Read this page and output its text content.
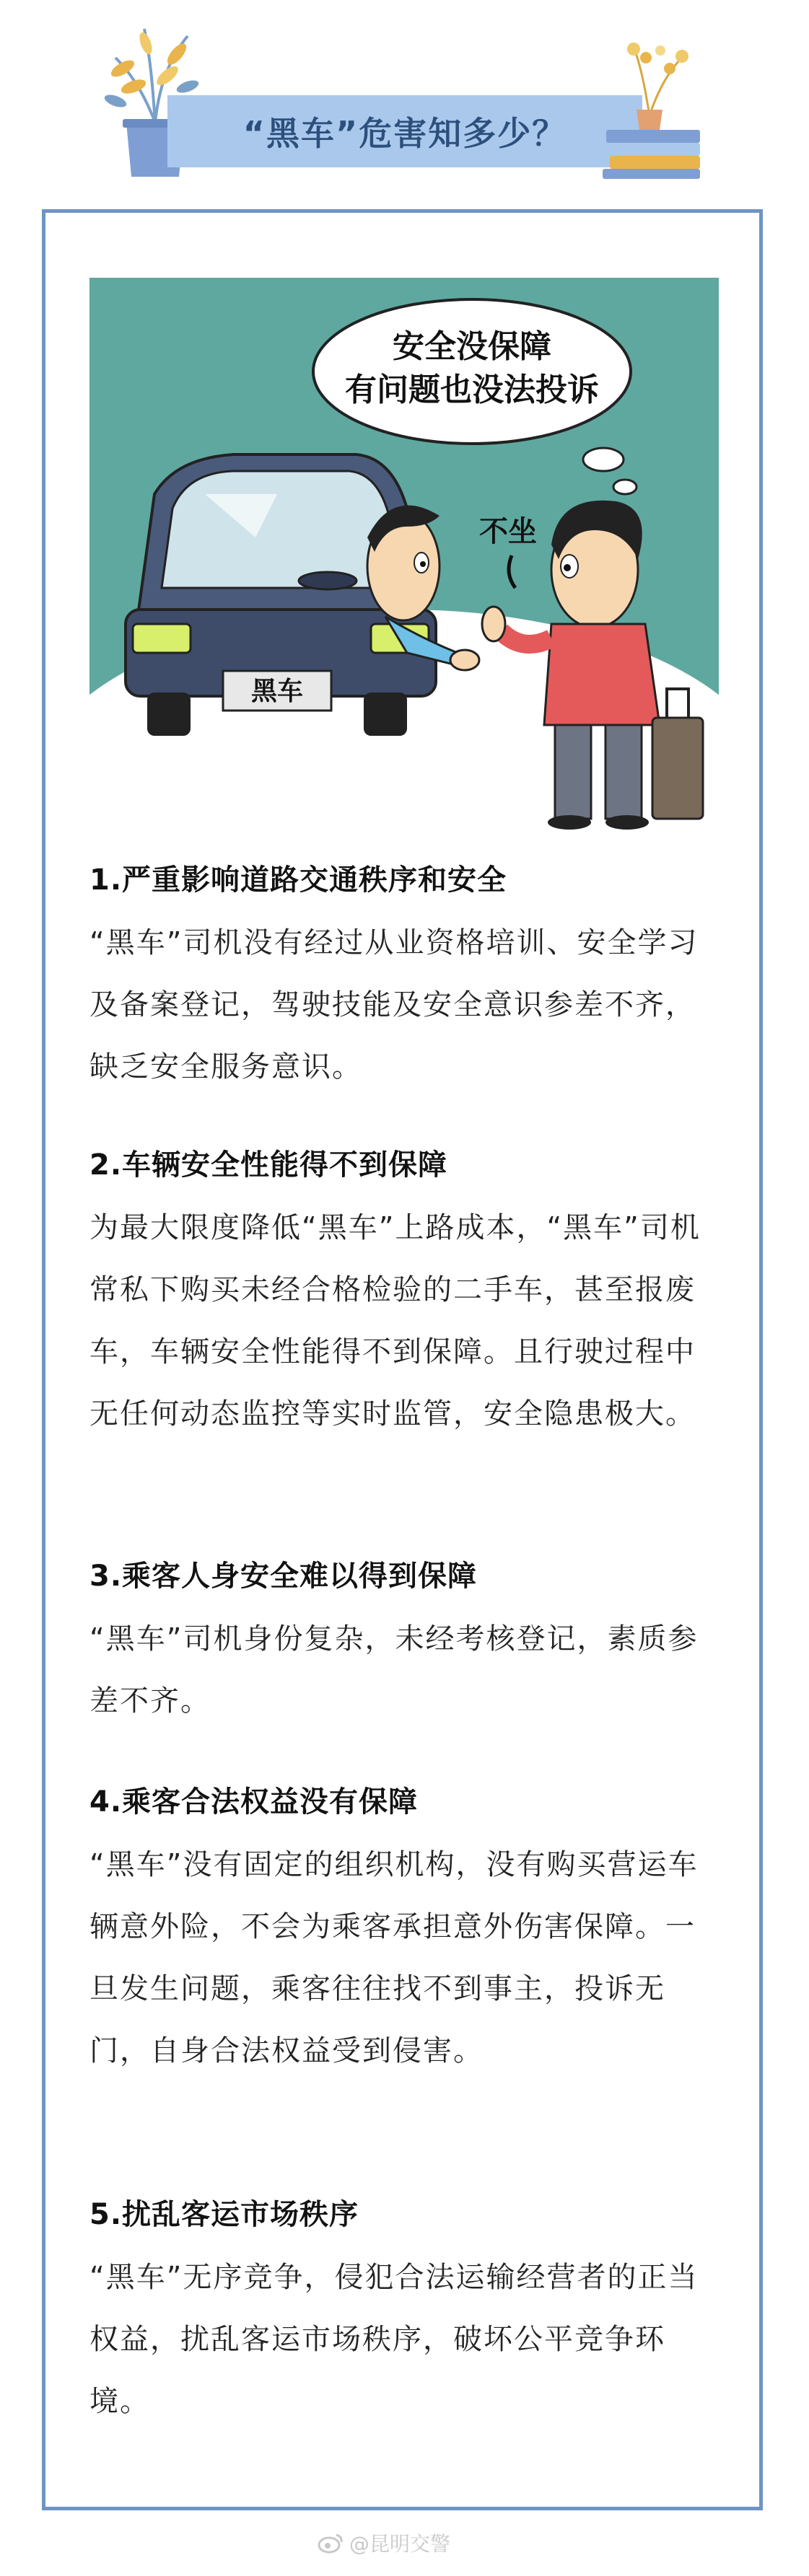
“黑车”危害知多少？
安全没保障
有问题也没法投诉
黑车
不坐

1.严重影响道路交通秩序和安全

“黑车”司机没有经过从业资格培训、安全学习及备案登记，驾驶技能及安全意识参差不齐，缺乏安全服务意识。

2.车辆安全性能得不到保障

为最大限度降低“黑车”上路成本，“黑车”司机常私下购买未经合格检验的二手车，甚至报废车，车辆安全性能得不到保障。且行驶过程中无任何动态监控等实时监管，安全隐患极大。

3.乘客人身安全难以得到保障

“黑车”司机身份复杂，未经考核登记，素质参差不齐。

4.乘客合法权益没有保障

“黑车”没有固定的组织机构，没有购买营运车辆意外险，不会为乘客承担意外伤害保障。一旦发生问题，乘客往往找不到事主，投诉无门，自身合法权益受到侵害。

5.扰乱客运市场秩序

“黑车”无序竞争，侵犯合法运输经营者的正当权益，扰乱客运市场秩序，破坏公平竞争环境。

@昆明交警
